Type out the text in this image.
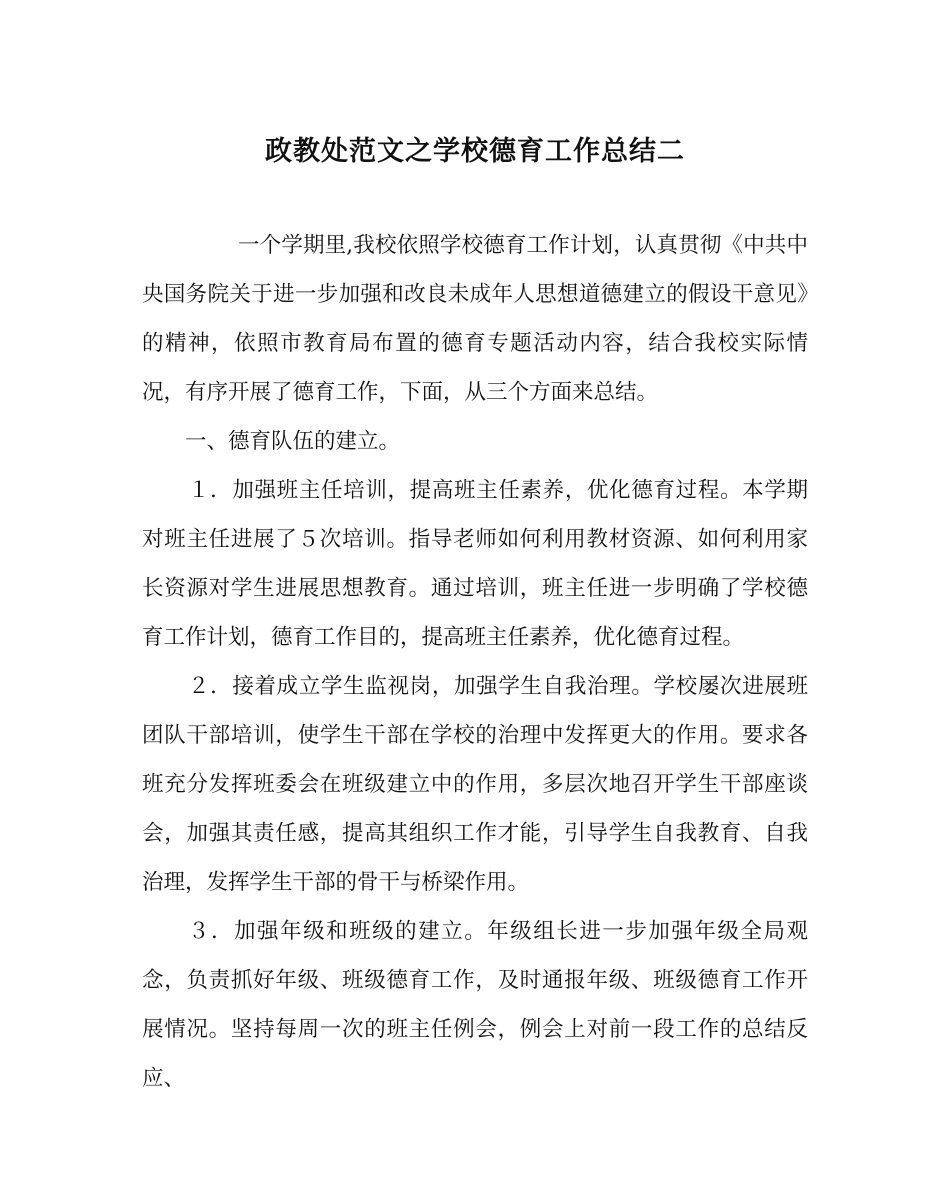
政教处范文之学校德育工作总结二

一个学期里,我校依照学校德育工作计划，认真贯彻《中共中央国务院关于进一步加强和改良未成年人思想道德建立的假设干意见》的精神，依照市教育局布置的德育专题活动内容，结合我校实际情况，有序开展了德育工作，下面，从三个方面来总结。

一、德育队伍的建立。

１．加强班主任培训，提高班主任素养，优化德育过程。本学期对班主任进展了５次培训。指导老师如何利用教材资源、如何利用家长资源对学生进展思想教育。通过培训，班主任进一步明确了学校德育工作计划，德育工作目的，提高班主任素养，优化德育过程。

２．接着成立学生监视岗，加强学生自我治理。学校屡次进展班团队干部培训，使学生干部在学校的治理中发挥更大的作用。要求各班充分发挥班委会在班级建立中的作用，多层次地召开学生干部座谈会，加强其责任感，提高其组织工作才能，引导学生自我教育、自我治理，发挥学生干部的骨干与桥梁作用。

３．加强年级和班级的建立。年级组长进一步加强年级全局观念，负责抓好年级、班级德育工作，及时通报年级、班级德育工作开展情况。坚持每周一次的班主任例会，例会上对前一段工作的总结反应、
